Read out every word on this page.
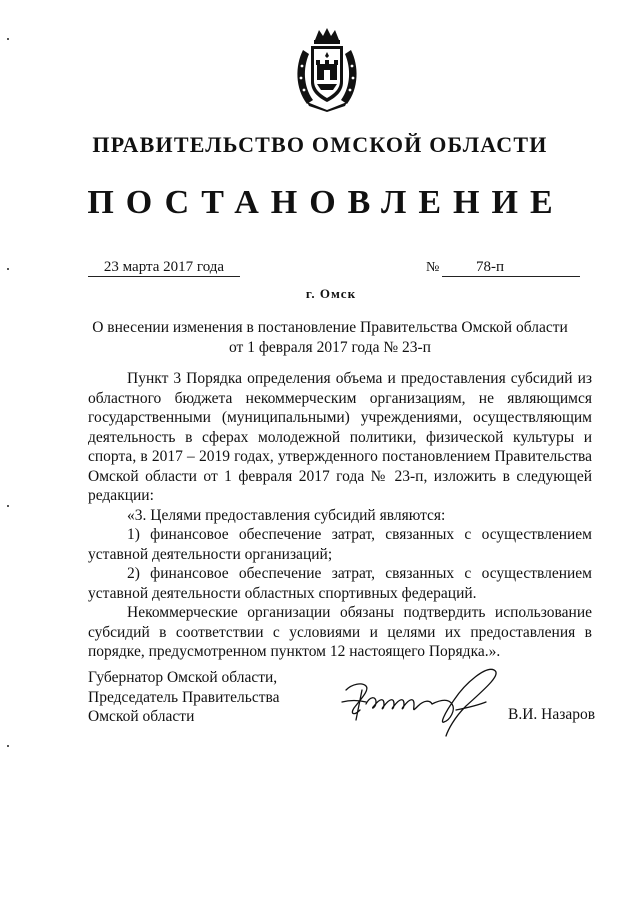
ПРАВИТЕЛЬСТВО ОМСКОЙ ОБЛАСТИ
ПОСТАНОВЛЕНИЕ
23 марта 2017 года	№	78-п
г. Омск
О внесении изменения в постановление Правительства Омской области
от 1 февраля 2017 года № 23-п

Пункт 3 Порядка определения объема и предоставления субсидий из областного бюджета некоммерческим организациям, не являющимся государственными (муниципальными) учреждениями, осуществляющим деятельность в сферах молодежной политики, физической культуры и спорта, в 2017 – 2019 годах, утвержденного постановлением Правительства Омской области от 1 февраля 2017 года № 23-п, изложить в следующей редакции:

«3. Целями предоставления субсидий являются:

1) финансовое обеспечение затрат, связанных с осуществлением уставной деятельности организаций;

2) финансовое обеспечение затрат, связанных с осуществлением уставной деятельности областных спортивных федераций.

Некоммерческие организации обязаны подтвердить использование субсидий в соответствии с условиями и целями их предоставления в порядке, предусмотренном пунктом 12 настоящего Порядка.».

Губернатор Омской области,
Председатель Правительства
Омской области	В.И. Назаров
